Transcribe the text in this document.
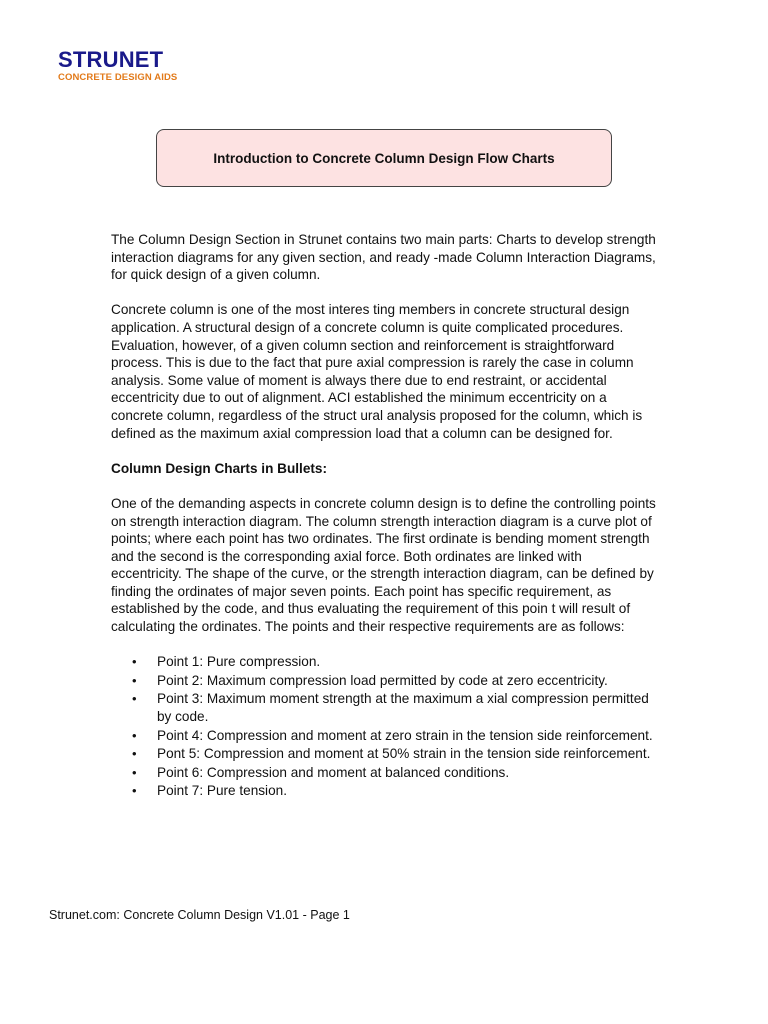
STRUNET
CONCRETE DESIGN AIDS
Introduction to Concrete Column Design Flow Charts

The Column Design Section in Strunet contains two main parts: Charts to develop strength interaction diagrams for any given section, and ready -made Column Interaction Diagrams, for quick design of a given column.

Concrete column is one of the most interes ting members in concrete structural design application. A structural design of a concrete column is quite complicated procedures. Evaluation, however, of a given column section and reinforcement is straightforward process. This is due to the fact that pure axial compression is rarely the case in column analysis. Some value of moment is always there due to end restraint, or accidental eccentricity due to out of alignment. ACI established the minimum eccentricity on a concrete column, regardless of the struct ural analysis proposed for the column, which is defined as the maximum axial compression load that a column can be designed for.

Column Design Charts in Bullets:

One of the demanding aspects in concrete column design is to define the controlling points on strength interaction diagram. The column strength interaction diagram is a curve plot of points; where each point has two ordinates. The first ordinate is bending moment strength and the second is the corresponding axial force. Both ordinates are linked with eccentricity. The shape of the curve, or the strength interaction diagram, can be defined by finding the ordinates of major seven points. Each point has specific requirement, as established by the code, and thus evaluating the requirement of this poin t will result of calculating the ordinates. The points and their respective requirements are as follows:

• Point 1: Pure compression.
• Point 2: Maximum compression load permitted by code at zero eccentricity.
• Point 3: Maximum moment strength at the maximum a xial compression permitted by code.
• Point 4: Compression and moment at zero strain in the tension side reinforcement.
• Pont 5: Compression and moment at 50% strain in the tension side reinforcement.
• Point 6: Compression and moment at balanced conditions.
• Point 7: Pure tension.
Strunet.com: Concrete Column Design V1.01 - Page 1
